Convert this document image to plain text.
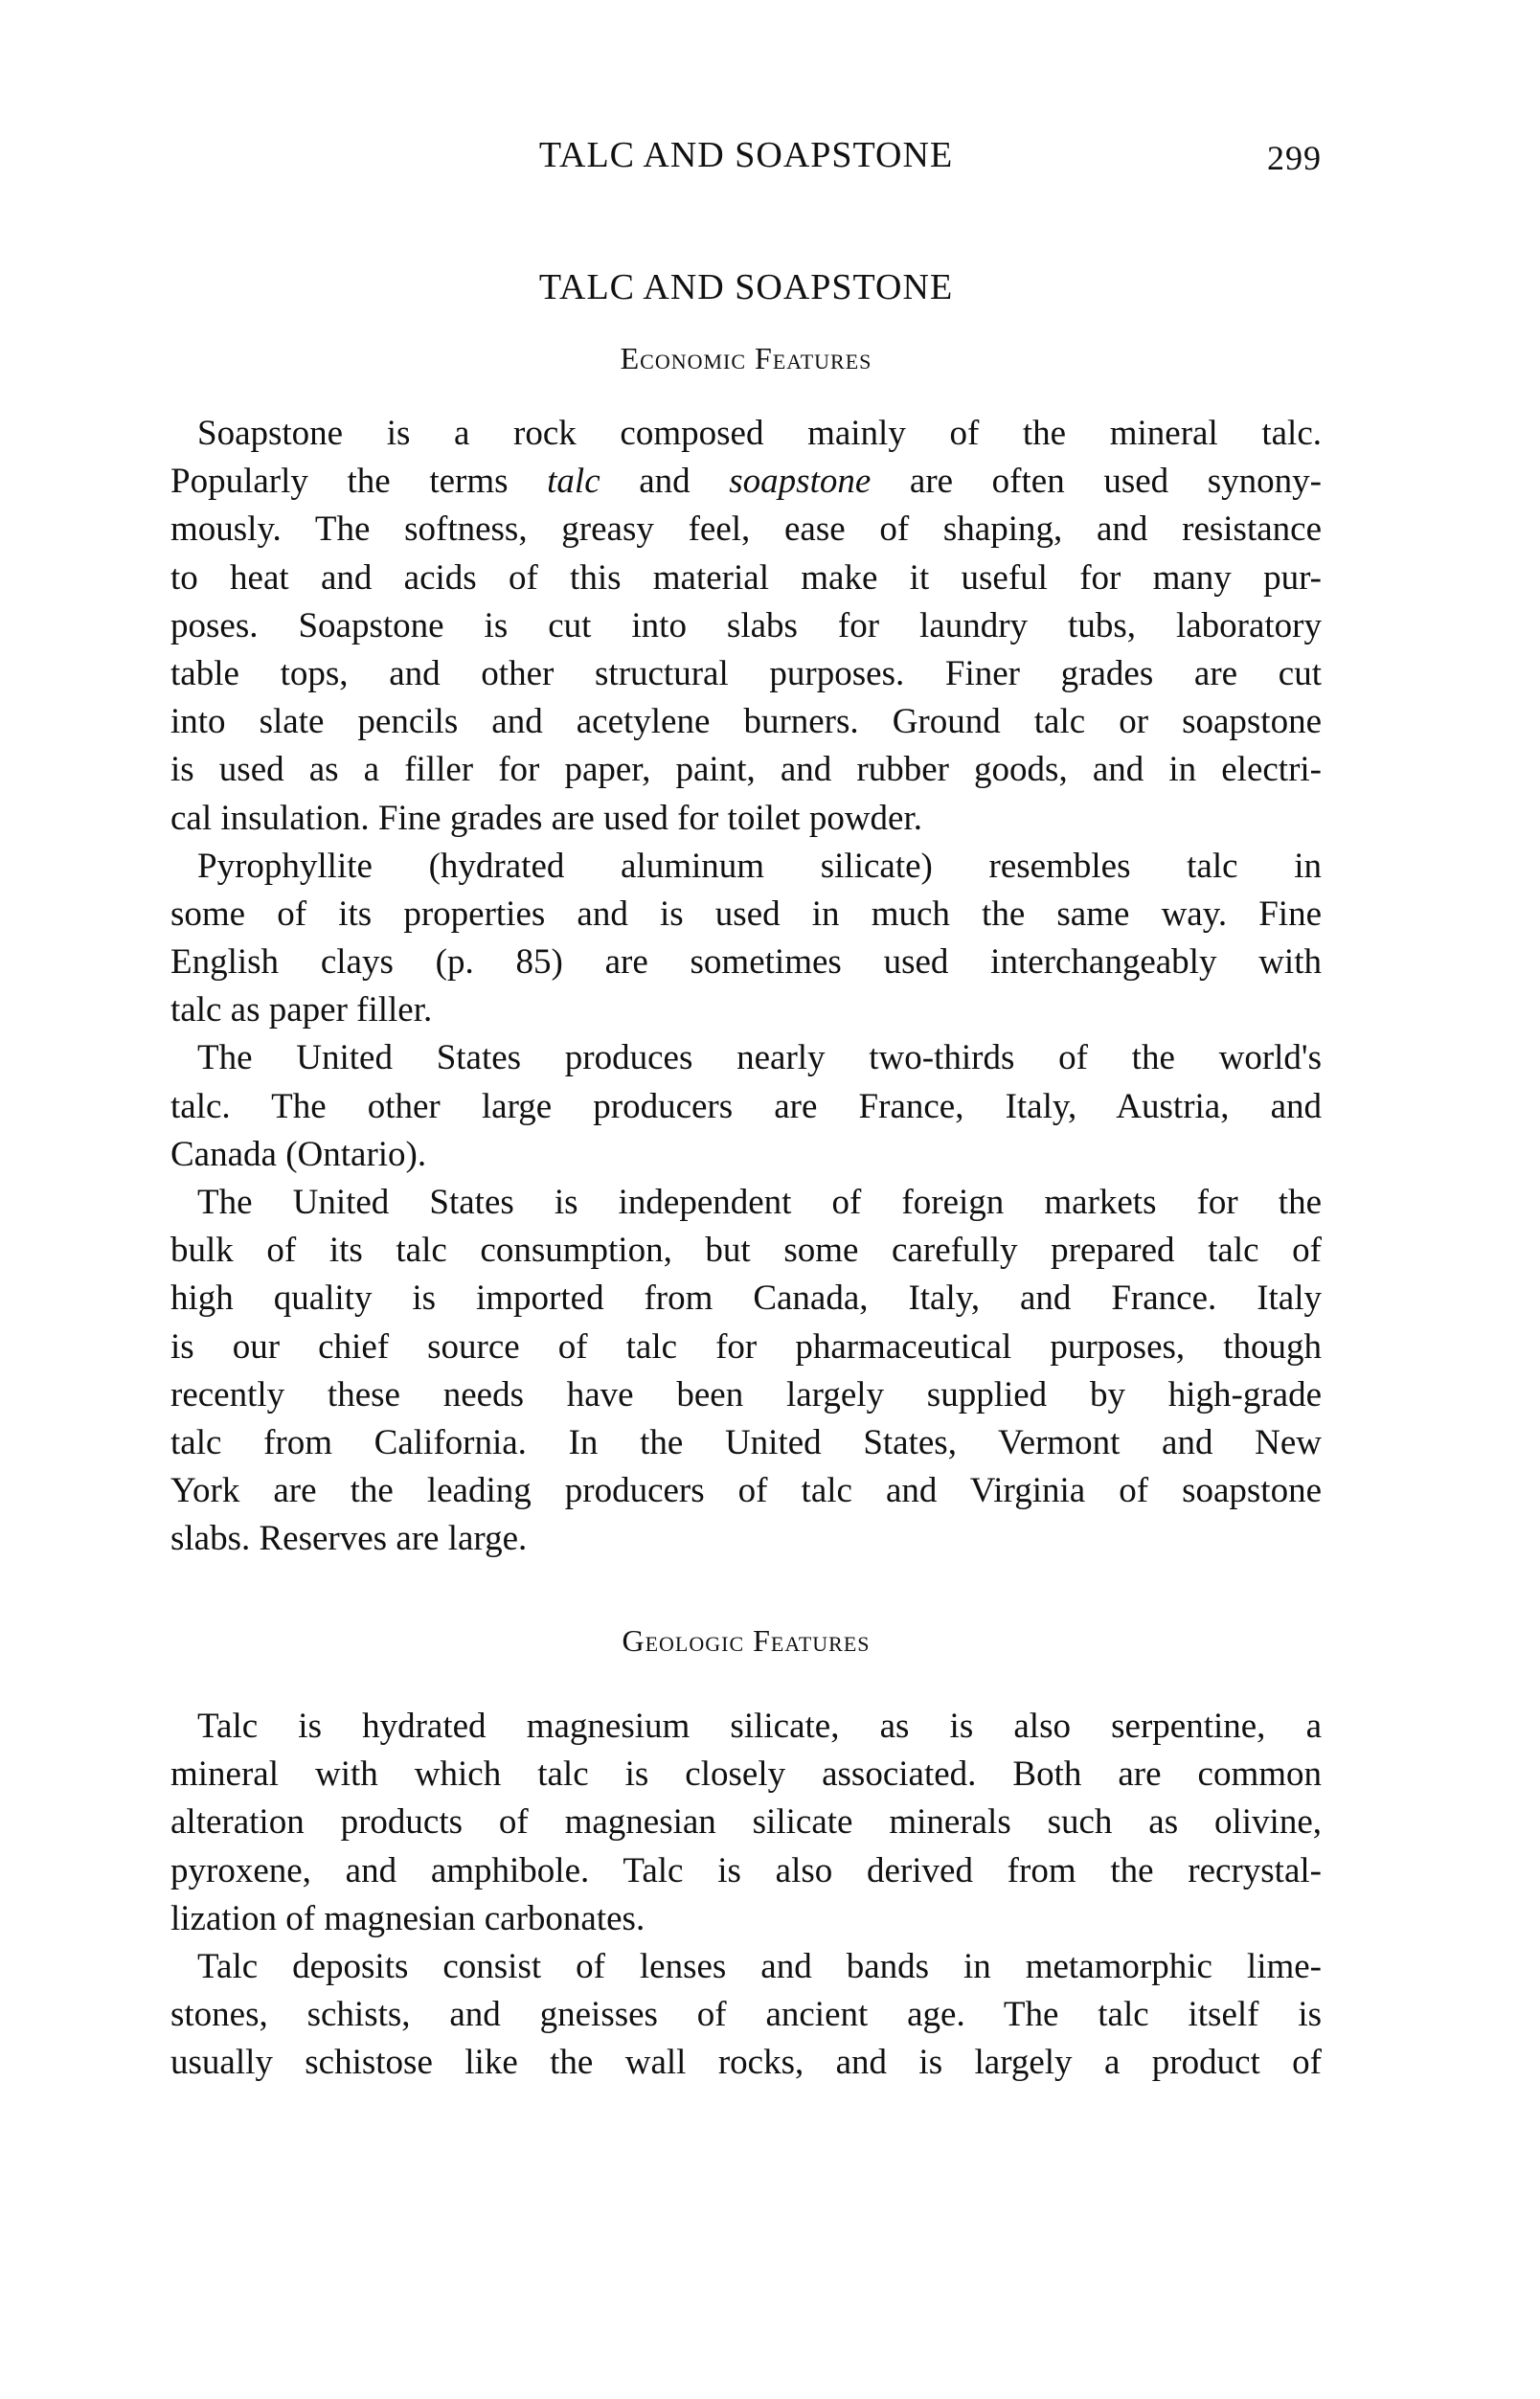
TALC AND SOAPSTONE	299
TALC AND SOAPSTONE
Economic Features
Soapstone is a rock composed mainly of the mineral talc.
Popularly the terms talc and soapstone are often used synony-
mously. The softness, greasy feel, ease of shaping, and resistance
to heat and acids of this material make it useful for many pur-
poses. Soapstone is cut into slabs for laundry tubs, laboratory
table tops, and other structural purposes. Finer grades are cut
into slate pencils and acetylene burners. Ground talc or soapstone
is used as a filler for paper, paint, and rubber goods, and in electri-
cal insulation. Fine grades are used for toilet powder.
Pyrophyllite (hydrated aluminum silicate) resembles talc in
some of its properties and is used in much the same way. Fine
English clays (p. 85) are sometimes used interchangeably with
talc as paper filler.
The United States produces nearly two-thirds of the world's
talc. The other large producers are France, Italy, Austria, and
Canada (Ontario).
The United States is independent of foreign markets for the
bulk of its talc consumption, but some carefully prepared talc of
high quality is imported from Canada, Italy, and France. Italy
is our chief source of talc for pharmaceutical purposes, though
recently these needs have been largely supplied by high-grade
talc from California. In the United States, Vermont and New
York are the leading producers of talc and Virginia of soapstone
slabs. Reserves are large.
Geologic Features
Talc is hydrated magnesium silicate, as is also serpentine, a
mineral with which talc is closely associated. Both are common
alteration products of magnesian silicate minerals such as olivine,
pyroxene, and amphibole. Talc is also derived from the recrystal-
lization of magnesian carbonates.
Talc deposits consist of lenses and bands in metamorphic lime-
stones, schists, and gneisses of ancient age. The talc itself is
usually schistose like the wall rocks, and is largely a product of
